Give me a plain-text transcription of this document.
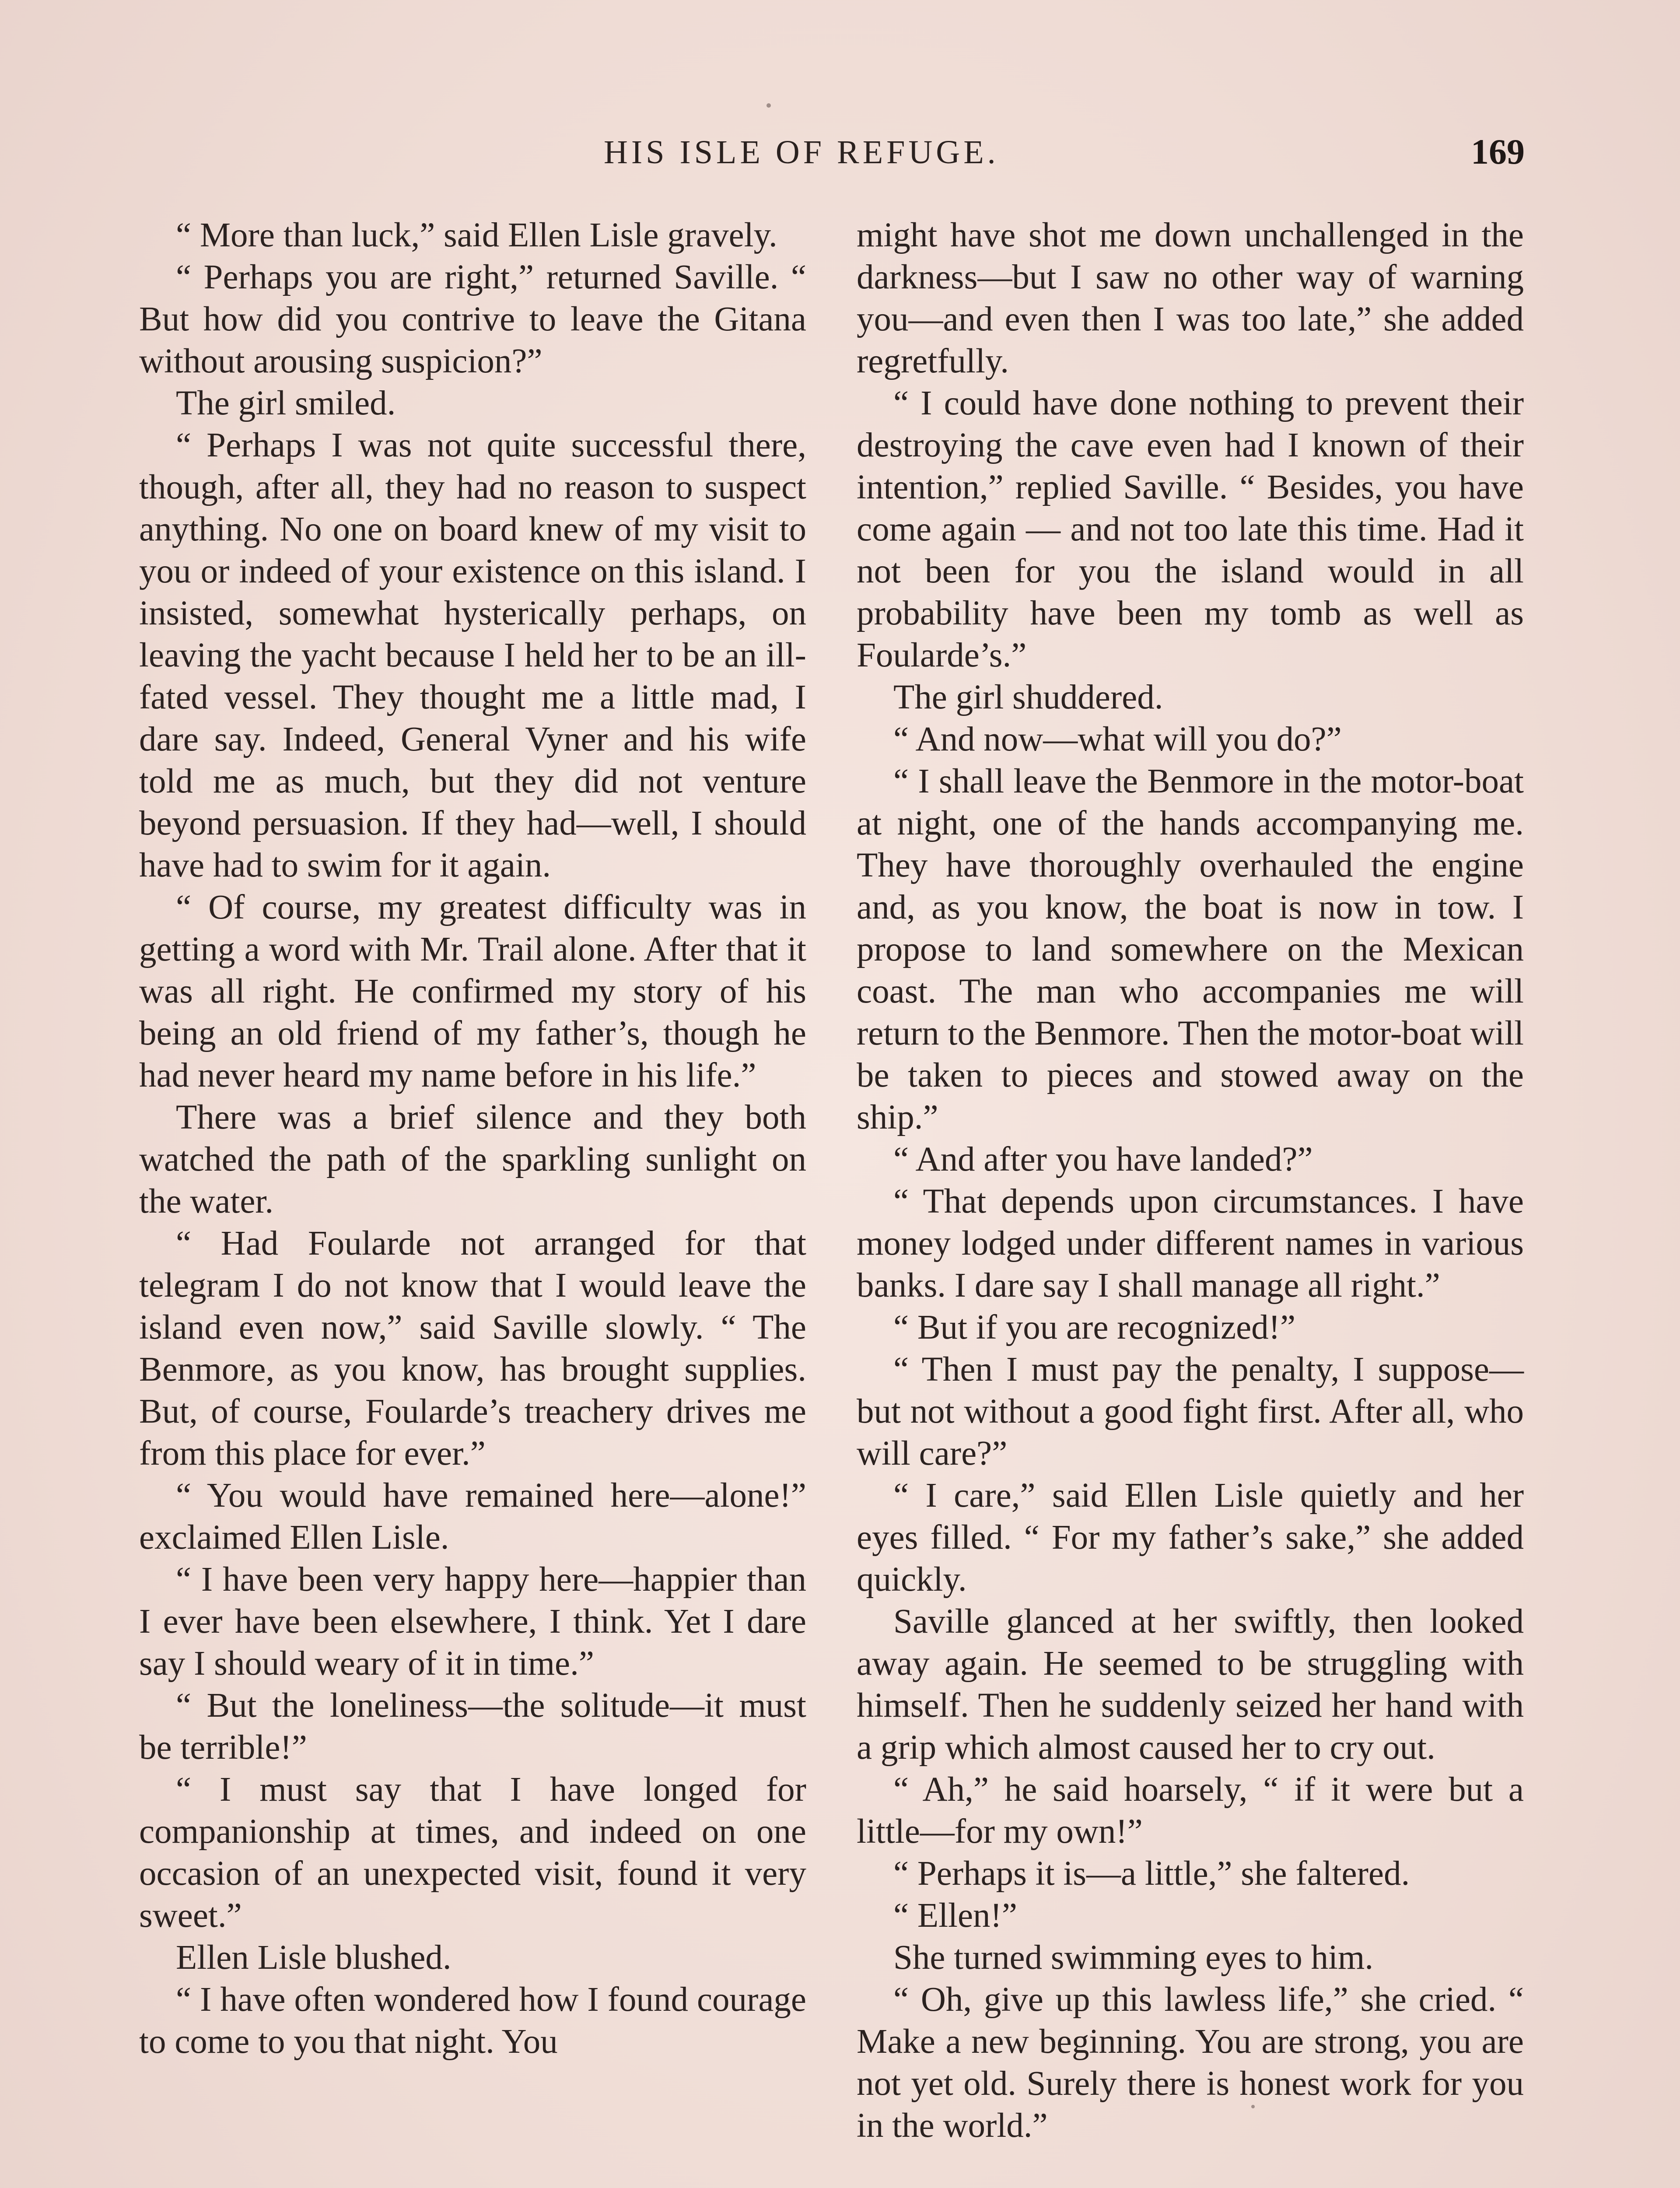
HIS ISLE OF REFUGE.	169

“ More than luck,” said Ellen Lisle gravely.

“ Perhaps you are right,” returned Saville. “ But how did you contrive to leave the Gitana without arousing suspicion?”

The girl smiled.

“ Perhaps I was not quite successful there, though, after all, they had no reason to suspect anything. No one on board knew of my visit to you or indeed of your existence on this island. I insisted, somewhat hysterically perhaps, on leaving the yacht because I held her to be an ill-fated vessel. They thought me a little mad, I dare say. Indeed, General Vyner and his wife told me as much, but they did not venture beyond persuasion. If they had—well, I should have had to swim for it again.

“ Of course, my greatest difficulty was in getting a word with Mr. Trail alone. After that it was all right. He confirmed my story of his being an old friend of my father’s, though he had never heard my name before in his life.”

There was a brief silence and they both watched the path of the sparkling sunlight on the water.

“ Had Foularde not arranged for that telegram I do not know that I would leave the island even now,” said Saville slowly. “ The Benmore, as you know, has brought supplies. But, of course, Foularde’s treachery drives me from this place for ever.”

“ You would have remained here—alone!” exclaimed Ellen Lisle.

“ I have been very happy here—happier than I ever have been elsewhere, I think. Yet I dare say I should weary of it in time.”

“ But the loneliness—the solitude—it must be terrible!”

“ I must say that I have longed for companionship at times, and indeed on one occasion of an unexpected visit, found it very sweet.”

Ellen Lisle blushed.

“ I have often wondered how I found courage to come to you that night. You

might have shot me down unchallenged in the darkness—but I saw no other way of warning you—and even then I was too late,” she added regretfully.

“ I could have done nothing to prevent their destroying the cave even had I known of their intention,” replied Saville. “ Besides, you have come again — and not too late this time. Had it not been for you the island would in all probability have been my tomb as well as Foularde’s.”

The girl shuddered.

“ And now—what will you do?”

“ I shall leave the Benmore in the motor-boat at night, one of the hands accompanying me. They have thoroughly overhauled the engine and, as you know, the boat is now in tow. I propose to land somewhere on the Mexican coast. The man who accompanies me will return to the Benmore. Then the motor-boat will be taken to pieces and stowed away on the ship.”

“ And after you have landed?”

“ That depends upon circumstances. I have money lodged under different names in various banks. I dare say I shall manage all right.”

“ But if you are recognized!”

“ Then I must pay the penalty, I suppose—but not without a good fight first. After all, who will care?”

“ I care,” said Ellen Lisle quietly and her eyes filled. “ For my father’s sake,” she added quickly.

Saville glanced at her swiftly, then looked away again. He seemed to be struggling with himself. Then he suddenly seized her hand with a grip which almost caused her to cry out.

“ Ah,” he said hoarsely, “ if it were but a little—for my own!”

“ Perhaps it is—a little,” she faltered.

“ Ellen!”

She turned swimming eyes to him.

“ Oh, give up this lawless life,” she cried. “ Make a new beginning. You are strong, you are not yet old. Surely there is honest work for you in the world.”
